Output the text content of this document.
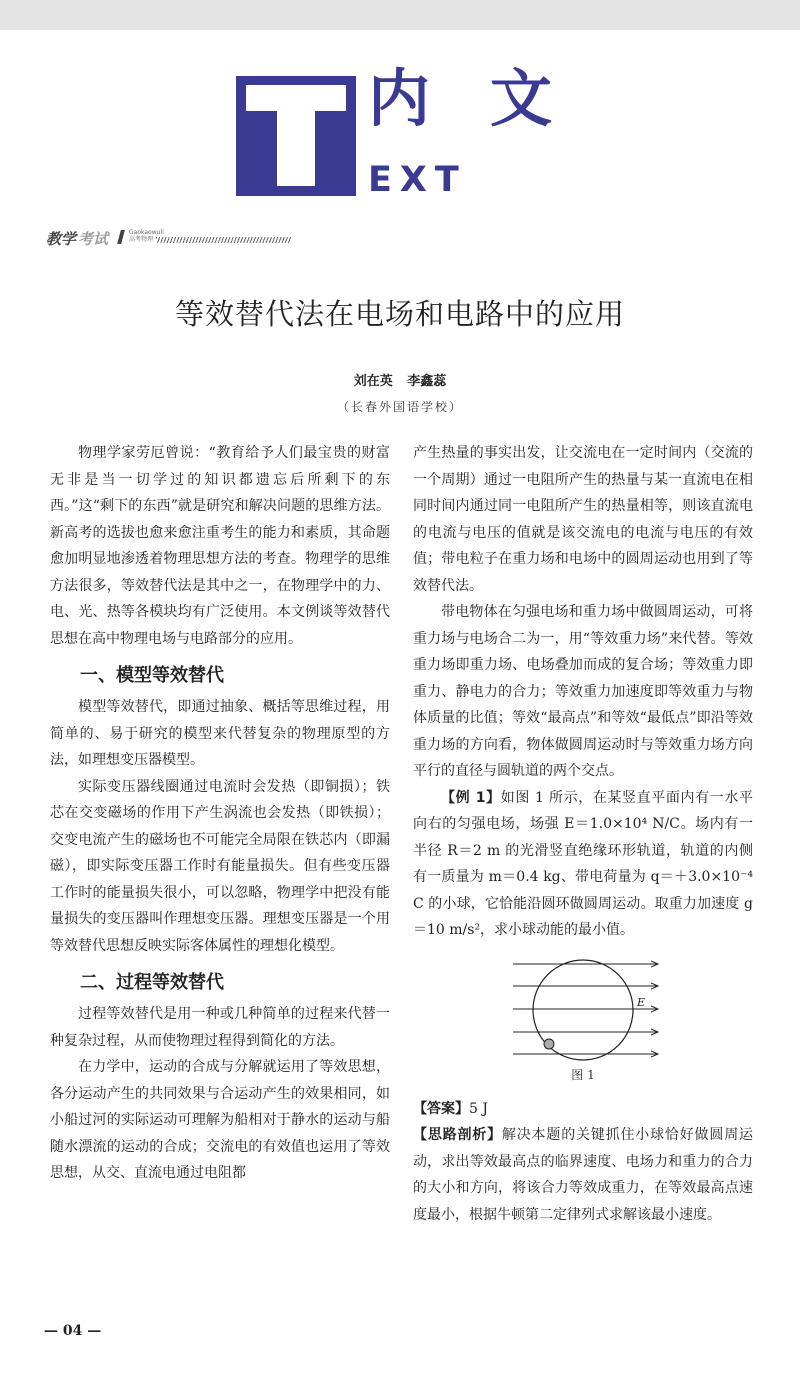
内文
EXT
教学 考试	Gaokaowuli
高考物理
等效替代法在电场和电路中的应用
刘在英 李鑫蕊
（长春外国语学校）

物理学家劳厄曾说：“教育给予人们最宝贵的财富无非是当一切学过的知识都遗忘后所剩下的东西。”这“剩下的东西”就是研究和解决问题的思维方法。新高考的选拔也愈来愈注重考生的能力和素质，其命题愈加明显地渗透着物理思想方法的考查。物理学的思维方法很多，等效替代法是其中之一，在物理学中的力、电、光、热等各模块均有广泛使用。本文例谈等效替代思想在高中物理电场与电路部分的应用。

一、模型等效替代

模型等效替代，即通过抽象、概括等思维过程，用简单的、易于研究的模型来代替复杂的物理原型的方法，如理想变压器模型。

实际变压器线圈通过电流时会发热（即铜损）；铁芯在交变磁场的作用下产生涡流也会发热（即铁损）；交变电流产生的磁场也不可能完全局限在铁芯内（即漏磁），即实际变压器工作时有能量损失。但有些变压器工作时的能量损失很小，可以忽略，物理学中把没有能量损失的变压器叫作理想变压器。理想变压器是一个用等效替代思想反映实际客体属性的理想化模型。

二、过程等效替代

过程等效替代是用一种或几种简单的过程来代替一种复杂过程，从而使物理过程得到简化的方法。

在力学中，运动的合成与分解就运用了等效思想，各分运动产生的共同效果与合运动产生的效果相同，如小船过河的实际运动可理解为船相对于静水的运动与船随水漂流的运动的合成；交流电的有效值也运用了等效思想，从交、直流电通过电阻都

产生热量的事实出发，让交流电在一定时间内（交流的一个周期）通过一电阻所产生的热量与某一直流电在相同时间内通过同一电阻所产生的热量相等，则该直流电的电流与电压的值就是该交流电的电流与电压的有效值；带电粒子在重力场和电场中的圆周运动也用到了等效替代法。

带电物体在匀强电场和重力场中做圆周运动，可将重力场与电场合二为一，用“等效重力场”来代替。等效重力场即重力场、电场叠加而成的复合场；等效重力即重力、静电力的合力；等效重力加速度即等效重力与物体质量的比值；等效“最高点”和等效“最低点”即沿等效重力场的方向看，物体做圆周运动时与等效重力场方向平行的直径与圆轨道的两个交点。

【例 1】如图 1 所示，在某竖直平面内有一水平向右的匀强电场，场强 E＝1.0×10⁴ N/C。场内有一半径 R＝2 m 的光滑竖直绝缘环形轨道，轨道的内侧有一质量为 m＝0.4 kg、带电荷量为 q＝＋3.0×10⁻⁴ C 的小球，它恰能沿圆环做圆周运动。取重力加速度 g＝10 m/s²，求小球动能的最小值。

E
图 1

【答案】5 J

【思路剖析】解决本题的关键抓住小球恰好做圆周运动，求出等效最高点的临界速度、电场力和重力的合力的大小和方向，将该合力等效成重力，在等效最高点速度最小，根据牛顿第二定律列式求解该最小速度。

— 04 —
